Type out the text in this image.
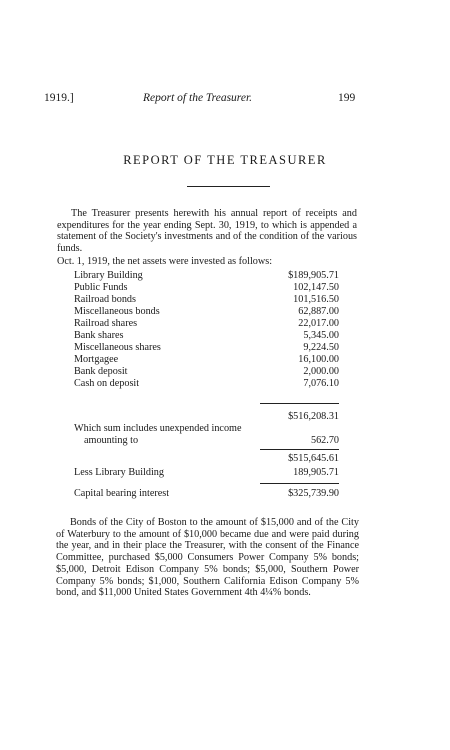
1919.]	Report of the Treasurer.	199
REPORT OF THE TREASURER
The Treasurer presents herewith his annual report of receipts and expenditures for the year ending Sept. 30, 1919, to which is appended a statement of the Society's investments and of the condition of the various funds.
Oct. 1, 1919, the net assets were invested as follows:
Library Building	$189,905.71
Public Funds	102,147.50
Railroad bonds	101,516.50
Miscellaneous bonds	62,887.00
Railroad shares	22,017.00
Bank shares	5,345.00
Miscellaneous shares	9,224.50
Mortgagee	16,100.00
Bank deposit	2,000.00
Cash on deposit	7,076.10
$516,208.31
Which sum includes unexpended income
amounting to	562.70
$515,645.61
Less Library Building	189,905.71
Capital bearing interest	$325,739.90
Bonds of the City of Boston to the amount of $15,000 and of the City of Waterbury to the amount of $10,000 became due and were paid during the year, and in their place the Treasurer, with the consent of the Finance Committee, purchased $5,000 Consumers Power Company 5% bonds; $5,000, Detroit Edison Company 5% bonds; $5,000, Southern Power Company 5% bonds; $1,000, Southern California Edison Company 5% bond, and $11,000 United States Government 4th 4¼% bonds.
